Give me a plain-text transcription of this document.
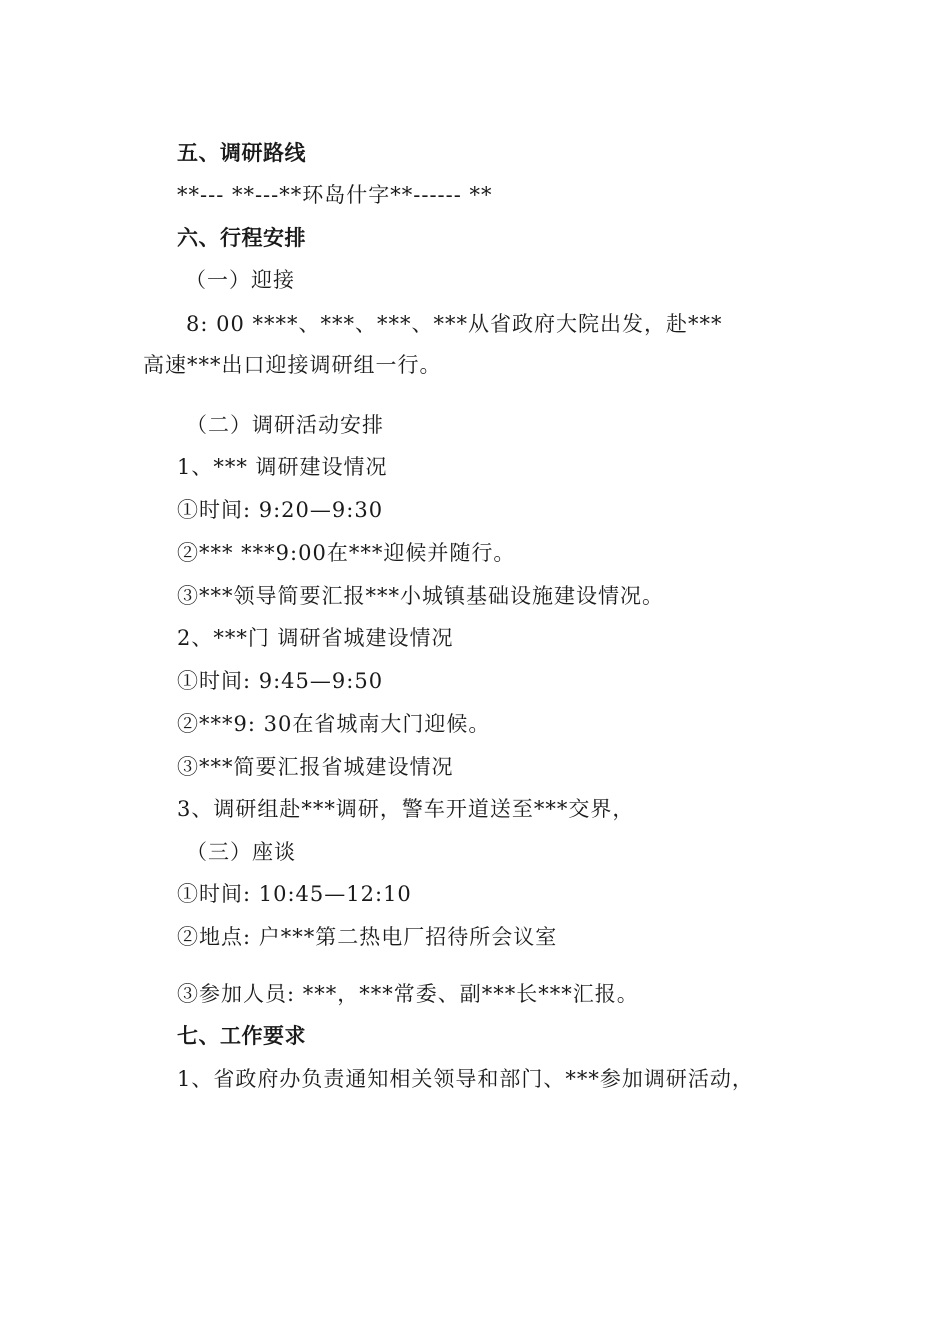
五、调研路线
**--- **---**环岛什字**------ **
六、行程安排
（一）迎接
8: 00 ****、***、***、***从省政府大院出发，赴***
高速***出口迎接调研组一行。
（二）调研活动安排
1、*** 调研建设情况
①时间: 9:20—9:30
②*** ***9:00在***迎候并随行。
③***领导简要汇报***小城镇基础设施建设情况。
2、***门 调研省城建设情况
①时间: 9:45—9:50
②***9: 30在省城南大门迎候。
③***简要汇报省城建设情况
3、调研组赴***调研，警车开道送至***交界，
（三）座谈
①时间: 10:45—12:10
②地点: 户***第二热电厂招待所会议室
③参加人员: ***，***常委、副***长***汇报。
七、工作要求
1、省政府办负责通知相关领导和部门、***参加调研活动，
